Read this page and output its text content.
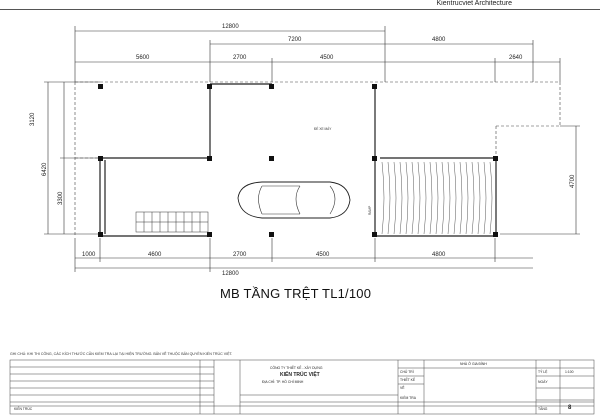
Kientrucviet Architecture
12800
7200	4800
5600	2700	4500	2640
3120
6420
3300
4700
1000	4600	2700	4500	4800
12800
ĐỂ XE MÁY
RAMP
MB TẦNG TRỆT TL1/100
GHI CHÚ: KHI THI CÔNG, CÁC KÍCH THƯỚC CẦN KIỂM TRA LẠI TẠI HIỆN TRƯỜNG. BẢN VẼ THUỘC BẢN QUYỀN KIẾN TRÚC VIỆT.
CÔNG TY THIẾT KẾ - XÂY DỰNG
KIẾN TRÚC VIỆT
ĐỊA CHỈ: TP. HỒ CHÍ MINH
NHÀ Ở GIA ĐÌNH
CHỦ TRÌ
THIẾT KẾ
VẼ
KIỂM TRA
TỶ LỆ	1:100
NGÀY
TẦNG	8
KIẾN TRÚC
